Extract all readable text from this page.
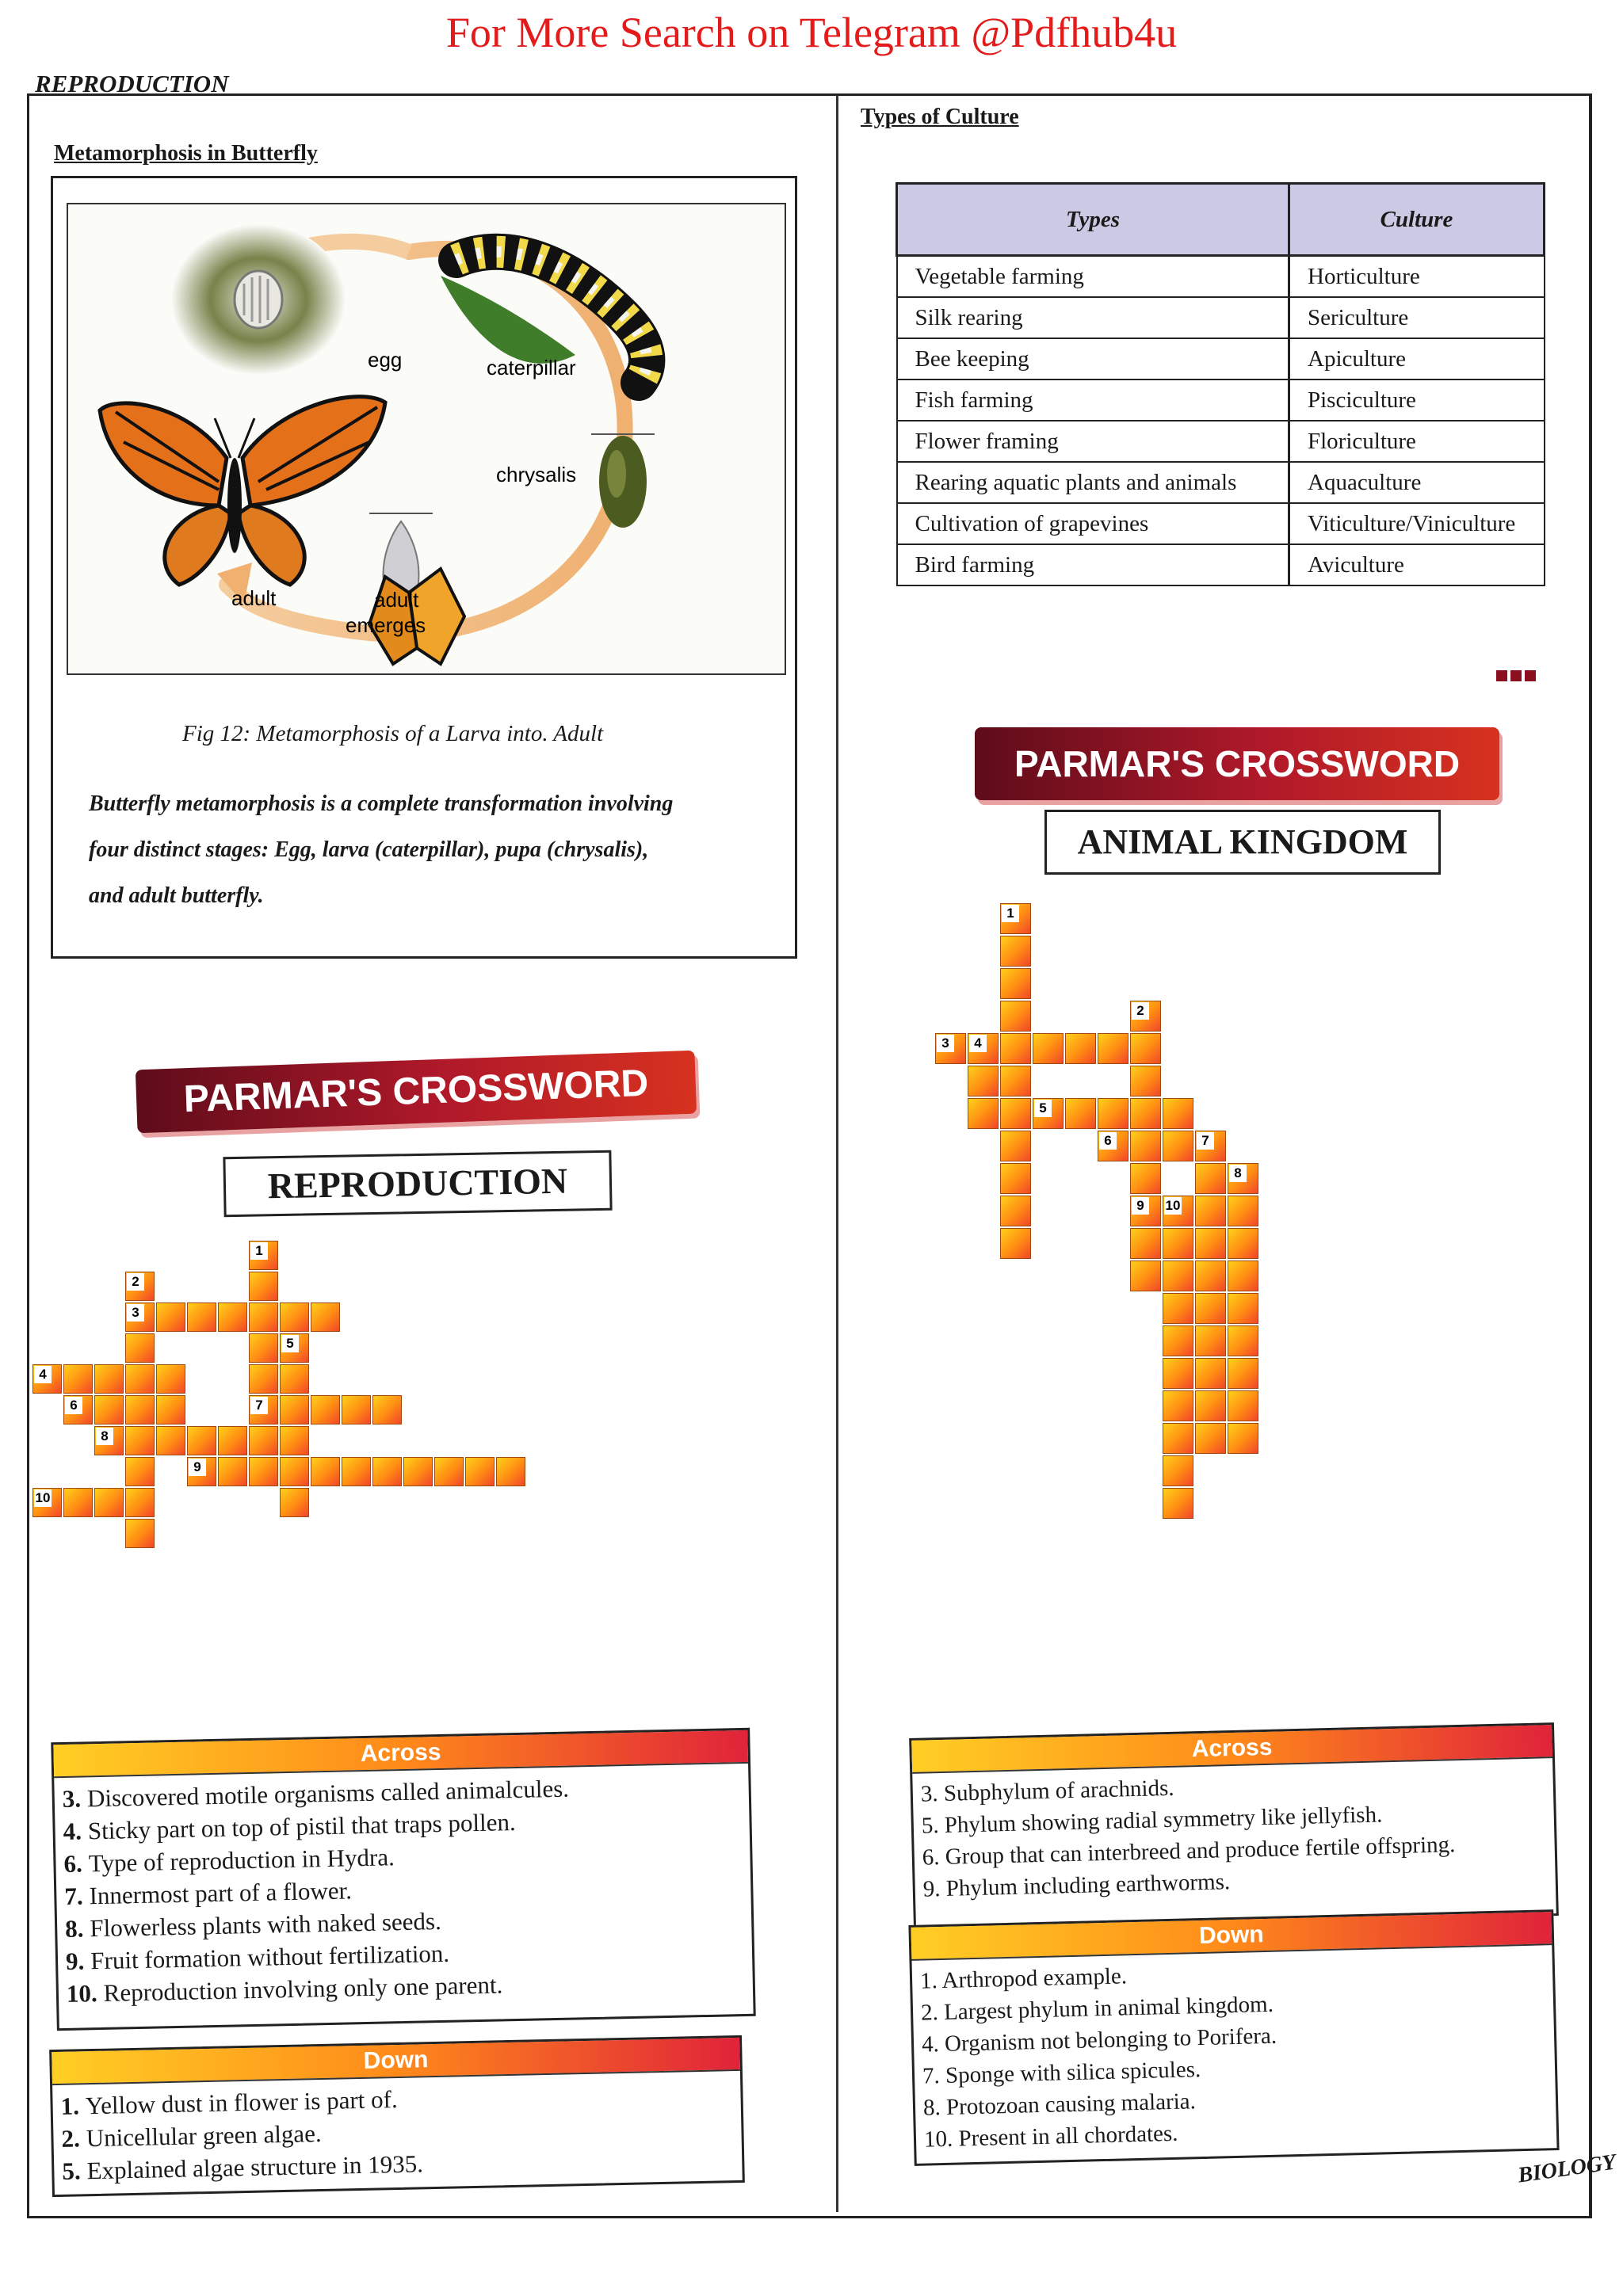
For More Search on Telegram @Pdfhub4u
REPRODUCTION
BIOLOGY
Metamorphosis in Butterfly
egg	caterpillar
chrysalis
adult	adult
emerges
Fig 12: Metamorphosis of a Larva into. Adult
Butterfly metamorphosis is a complete transformation involving
four distinct stages: Egg, larva (caterpillar), pupa (chrysalis),
and adult butterfly.
Types of Culture
Types	Culture
Vegetable farming	Horticulture
Silk rearing	Sericulture
Bee keeping	Apiculture
Fish farming	Pisciculture
Flower framing	Floriculture
Rearing aquatic plants and animals	Aquaculture
Cultivation of grapevines	Viticulture/Viniculture
Bird farming	Aviculture
PARMAR'S CROSSWORD
REPRODUCTION
1
2
3
4
5
6	7
8
9
10
Across
3. Discovered motile organisms called animalcules.
4. Sticky part on top of pistil that traps pollen.
6. Type of reproduction in Hydra.
7. Innermost part of a flower.
8. Flowerless plants with naked seeds.
9. Fruit formation without fertilization.
10. Reproduction involving only one parent.
Down
1. Yellow dust in flower is part of.
2. Unicellular green algae.
5. Explained algae structure in 1935.
PARMAR'S CROSSWORD
ANIMAL KINGDOM
1
2
3	4
5
6	7
8
9	10
Across
3. Subphylum of arachnids.
5. Phylum showing radial symmetry like jellyfish.
6. Group that can interbreed and produce fertile offspring.
9. Phylum including earthworms.
Down
1. Arthropod example.
2. Largest phylum in animal kingdom.
4. Organism not belonging to Porifera.
7. Sponge with silica spicules.
8. Protozoan causing malaria.
10. Present in all chordates.
